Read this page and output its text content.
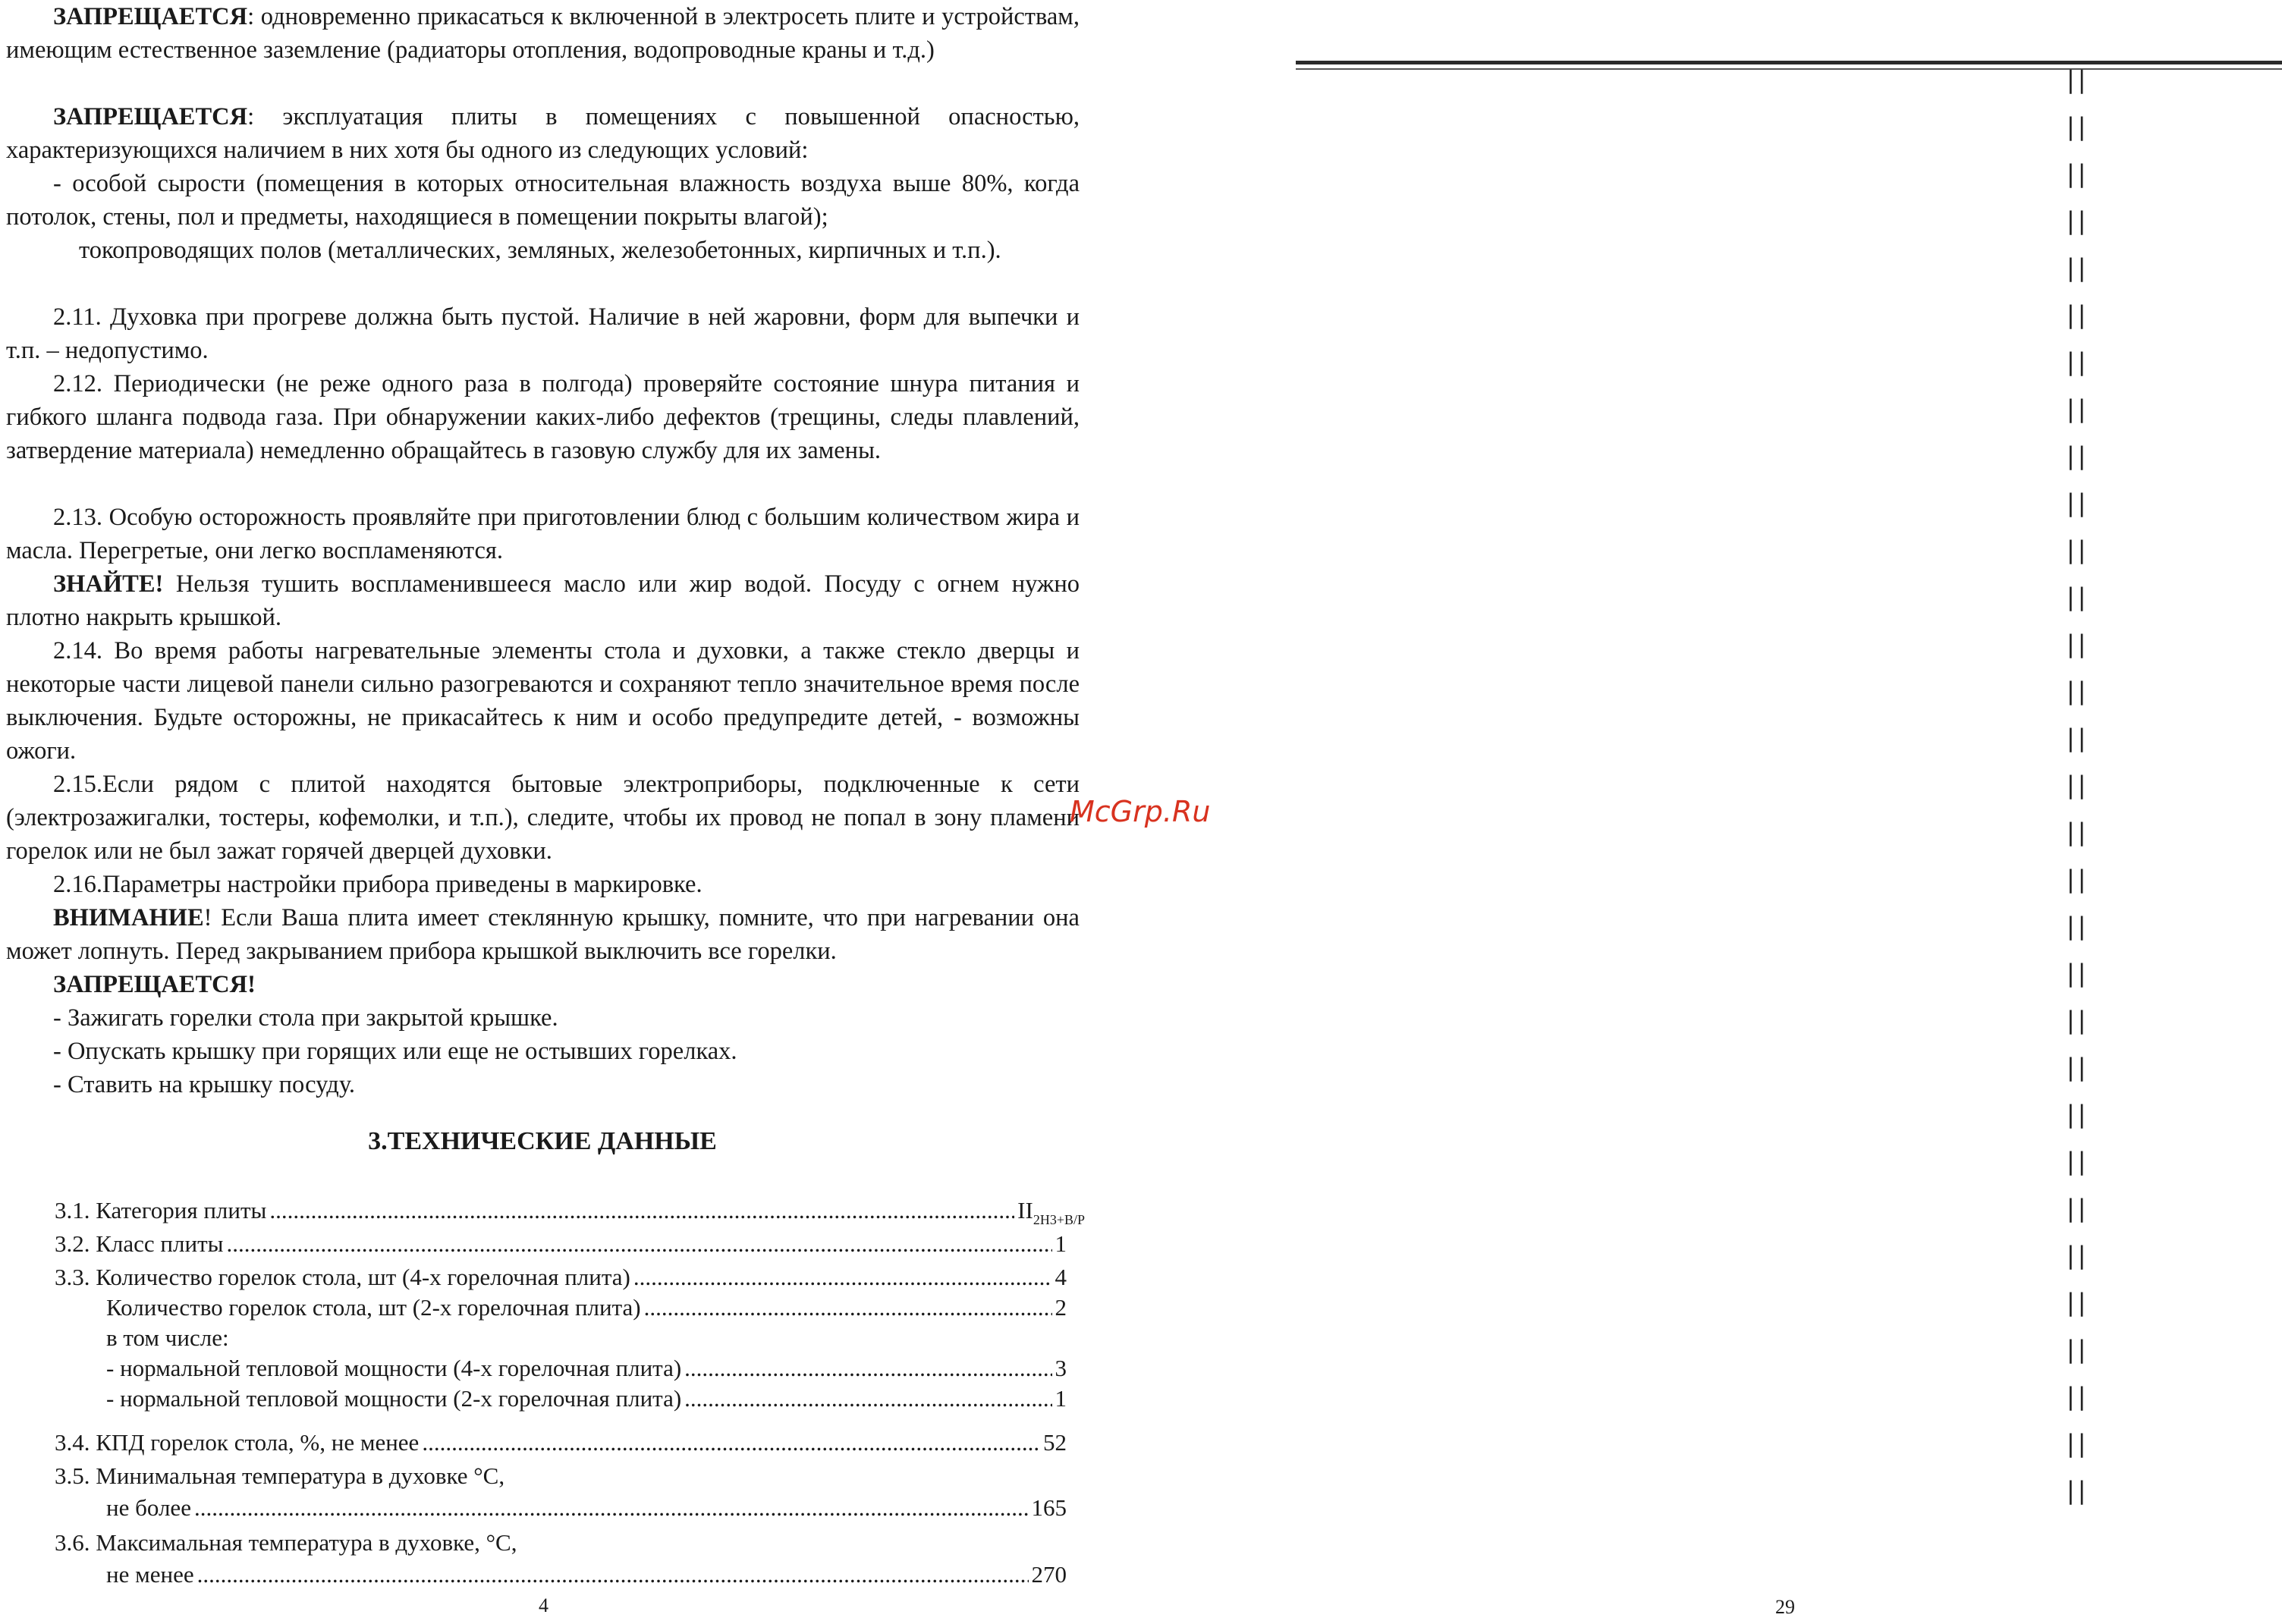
ЗАПРЕЩАЕТСЯ: одновременно прикасаться к включенной в электросеть плите и устройствам, имеющим естественное заземление (радиаторы отопления, водопроводные краны и т.д.)

ЗАПРЕЩАЕТСЯ: эксплуатация плиты в помещениях с повышенной опасностью, характеризующихся наличием в них хотя бы одного из следующих условий:

- особой сырости (помещения в которых относительная влажность воздуха выше 80%, когда потолок, стены, пол и предметы, находящиеся в помещении покрыты влагой);

токопроводящих полов (металлических, земляных, железобетонных, кирпичных и т.п.).

2.11. Духовка при прогреве должна быть пустой. Наличие в ней жаровни, форм для выпечки и т.п. – недопустимо.

2.12. Периодически (не реже одного раза в полгода) проверяйте состояние шнура питания и гибкого шланга подвода газа. При обнаружении каких-либо дефектов (трещины, следы плавлений, затвердение материала) немедленно обращайтесь в газовую службу для их замены.

2.13. Особую осторожность проявляйте при приготовлении блюд с большим количеством жира и масла. Перегретые, они легко воспламеняются.

ЗНАЙТЕ! Нельзя тушить воспламенившееся масло или жир водой. Посуду с огнем нужно плотно накрыть крышкой.

2.14. Во время работы нагревательные элементы стола и духовки, а также стекло дверцы и некоторые части лицевой панели сильно разогреваются и сохраняют тепло значительное время после выключения. Будьте осторожны, не прикасайтесь к ним и особо предупредите детей, - возможны ожоги.

2.15.Если рядом с плитой находятся бытовые электроприборы, подключенные к сети (электрозажигалки, тостеры, кофемолки, и т.п.), следите, чтобы их провод не попал в зону пламени горелок или не был зажат горячей дверцей духовки.

2.16.Параметры настройки прибора приведены в маркировке.

ВНИМАНИЕ! Если Ваша плита имеет стеклянную крышку, помните, что при нагревании она может лопнуть. Перед закрыванием прибора крышкой выключить все горелки.

ЗАПРЕЩАЕТСЯ!
- Зажигать горелки стола при закрытой крышке.
- Опускать крышку при горящих или еще не остывших горелках.
- Ставить на крышку посуду.
3.ТЕХНИЧЕСКИЕ ДАННЫЕ
3.1. Категория плиты .....	$II_{2Н3+В/Р}$
3.2. Класс плиты .....	1
3.3. Количество горелок стола, шт (4-х горелочная плита) .....	4
Количество горелок стола, шт (2-х горелочная плита) .....	2
в том числе:
- нормальной тепловой мощности (4-х горелочная плита) .....	3
- нормальной тепловой мощности (2-х горелочная плита) .....	1
3.4. КПД горелок стола, %, не менее .....	52
3.5. Минимальная температура в духовке °С,
не более .....	165
3.6. Максимальная температура в духовке, °С,
не менее .....	270
4
McGrp.Ru
||
||
||
||
||
||
||
||
||
||
||
||
||
||
||
||
||
||
||
||
||
||
||
||
||
||
||
||
||
||
||
29
